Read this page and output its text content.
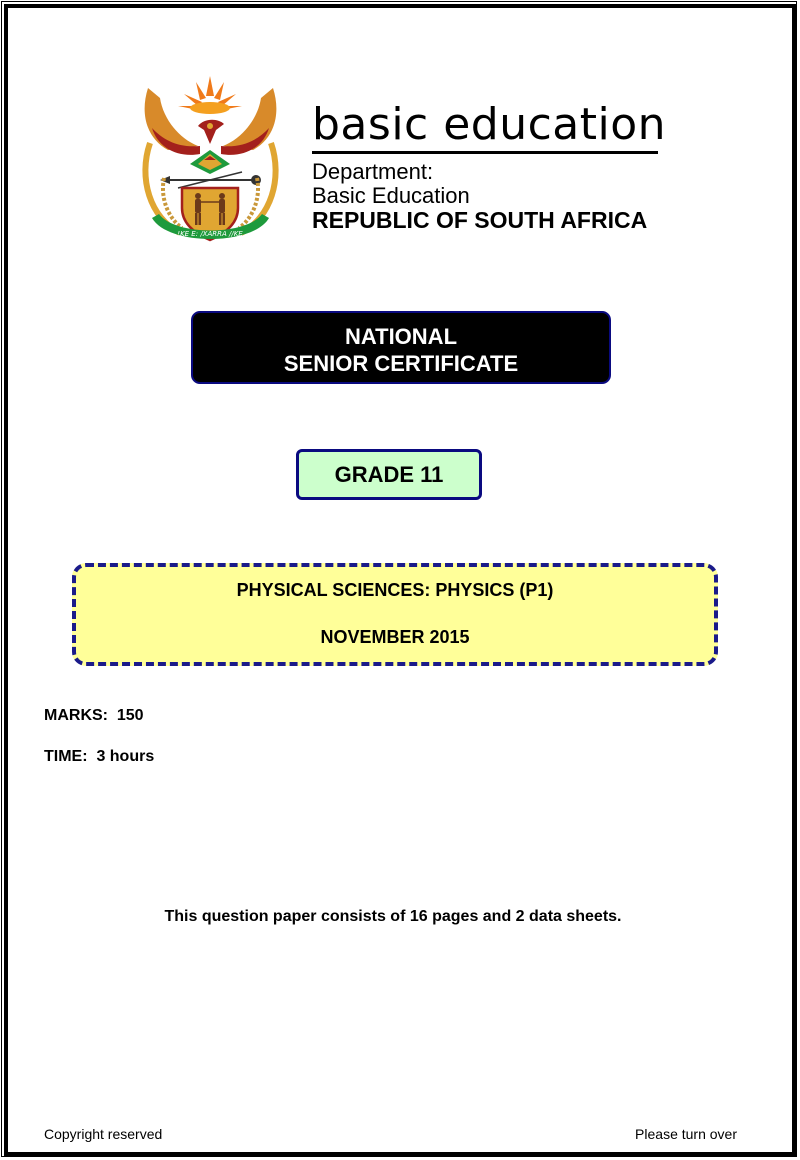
!KE E: /XARRA //KE
basic education
Department:
Basic Education
REPUBLIC OF SOUTH AFRICA
NATIONAL
SENIOR CERTIFICATE
GRADE 11
PHYSICAL SCIENCES: PHYSICS (P1)
NOVEMBER 2015
MARKS:  150
TIME:  3 hours
This question paper consists of 16 pages and 2 data sheets.
Copyright reserved	Please turn over
